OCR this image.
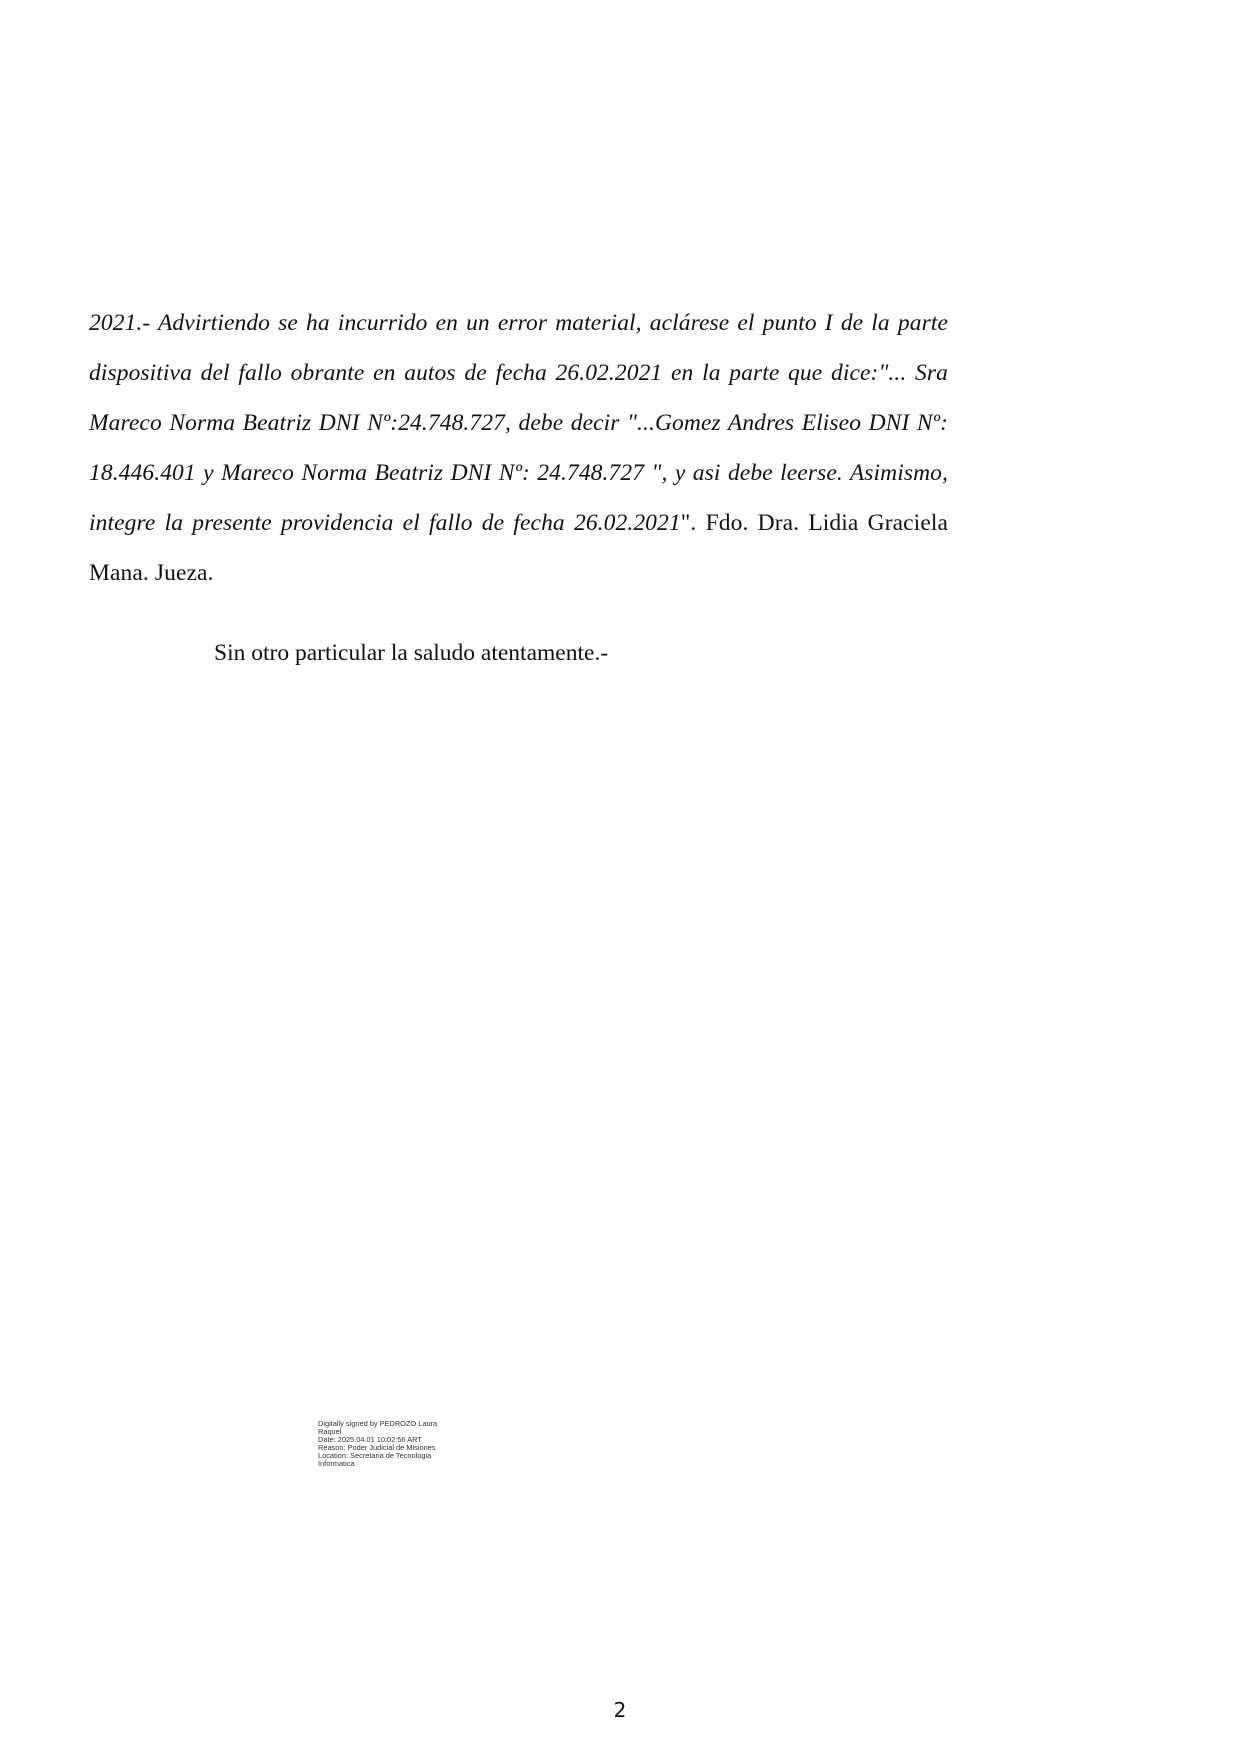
2021.- Advirtiendo se ha incurrido en un error material, aclárese el punto I de la parte dispositiva del fallo obrante en autos de fecha 26.02.2021 en la parte que dice:"... Sra Mareco Norma Beatriz DNI Nº:24.748.727, debe decir "...Gomez Andres Eliseo DNI Nº: 18.446.401 y Mareco Norma Beatriz DNI Nº: 24.748.727 ", y asi debe leerse. Asimismo, integre la presente providencia el fallo de fecha 26.02.2021". Fdo. Dra. Lidia Graciela Mana. Jueza.

Sin otro particular la saludo atentamente.-

Digitally signed by PEDROZO Laura
Raquel
Date: 2025.04.01 10:02:56 ART
Reason: Poder Judicial de Misiones
Location: Secretaria de Tecnologia
Informatica
2
